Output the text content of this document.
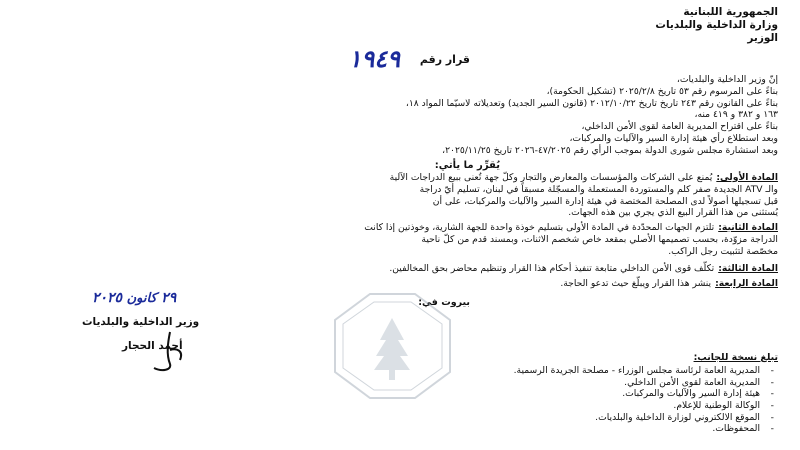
الجمهورية اللبنانية
وزارة الداخلية والبلديات
الوزير
قرار رقم ١٩٤٩
إنّ وزير الداخلية والبلديات،
بناءً على المرسوم رقم ٥٣ تاريخ ٢٠٢٥/٢/٨ (تشكيل الحكومة)،
بناءً على القانون رقم ٢٤٣ تاريخ تاريخ ٢٠١٢/١٠/٢٢ (قانون السير الجديد) وتعديلاته لاسيّما المواد ١٨،
١٦٣ و ٣٨٢ و ٤١٩ منه،
بناءً على اقتراح المديرية العامة لقوى الأمن الداخلي،
وبعد استطلاع رأي هيئة إدارة السير والآليات والمركبات،
وبعد استشارة مجلس شورى الدولة بموجب الرأي رقم ٤٧/٢٠٢٥-٢٠٢٦ تاريخ ٢٠٢٥/١١/٢٥،
يُقرِّر ما يأتي:
المادة الأولى:يُمنع على الشركات والمؤسسات والمعارض والتجار وكلّ جهة تُعنى ببيع الدراجات الآلية
والـ ATV الجديدة صفر كلم والمستوردة المستعملة والمسجّلة مسبقاً في لبنان، تسليم أيّ دراجة
قبل تسجيلها أصولاً لدى المصلحة المختصة في هيئة إدارة السير والآليات والمركبات، على أن
يُستثنى من هذا القرار البيع الذي يجري بين هذه الجهات.
المادة الثانية:تلتزم الجهات المحدّدة في المادة الأولى بتسليم خوذة واحدة للجهة الشارية، وخوذتين إذا كانت
الدراجة مزوّدة، بحسب تصميمها الأصلي بمقعد خاص شخصم الاثنات، وبمسند قدم من كلّ ناحية
مخصّصة لتثبيت رجل الراكب.
المادة الثالثة:تكلّف قوى الأمن الداخلي متابعة تنفيذ أحكام هذا القرار وتنظيم محاضر بحق المخالفين.
المادة الرابعة:ينشر هذا القرار ويبلّغ حيث تدعو الحاجة.
بيروت في:
٢٩ كانون ٢٠٢٥
وزير الداخلية والبلديات
أحمد الحجار
تبلغ نسخة للجانب:
- المديرية العامة لرئاسة مجلس الوزراء - مصلحة الجريدة الرسمية.
- المديرية العامة لقوى الأمن الداخلي.
- هيئة إدارة السير والآليات والمركبات.
- الوكالة الوطنية للإعلام.
- الموقع الالكتروني لوزارة الداخلية والبلديات.
- المحفوظات.
